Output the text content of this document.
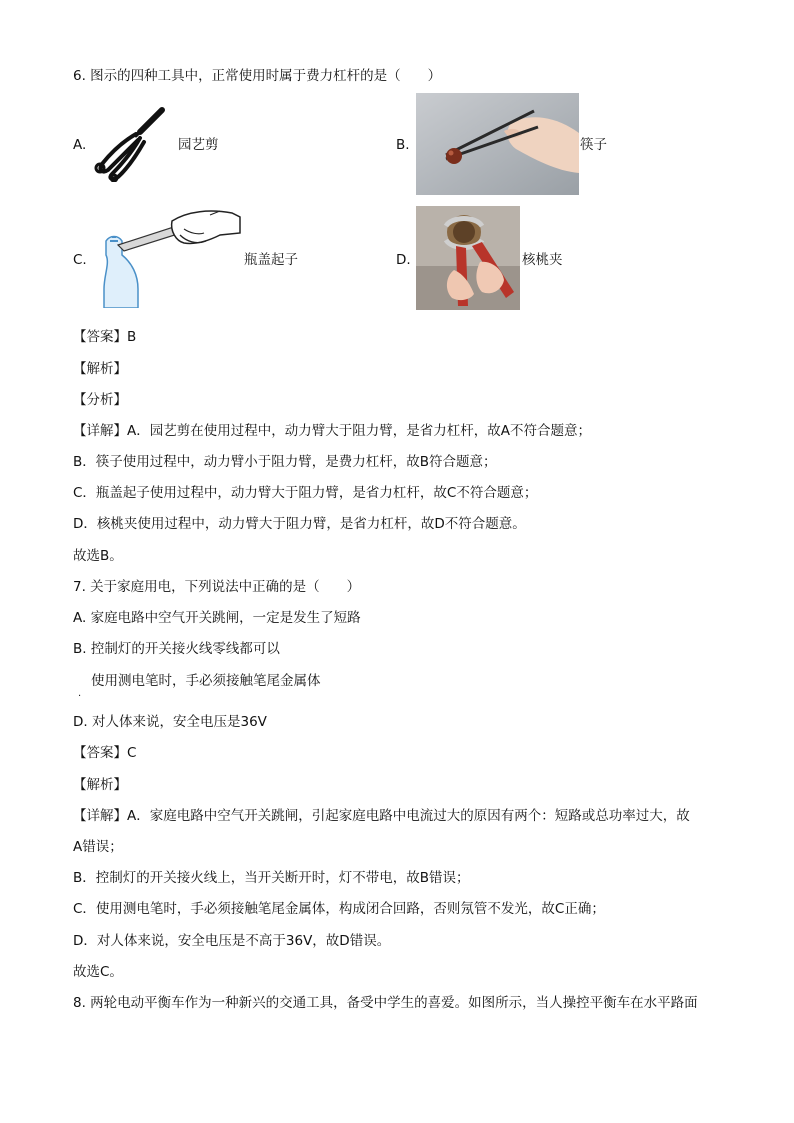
6. 图示的四种工具中，正常使用时属于费力杠杆的是（　　）
A.	园艺剪	B.	筷子
C.	瓶盖起子	D.	核桃夹
【答案】B
【解析】
【分析】
【详解】A．园艺剪在使用过程中，动力臂大于阻力臂，是省力杠杆，故A不符合题意；
B．筷子使用过程中，动力臂小于阻力臂，是费力杠杆，故B符合题意；
C．瓶盖起子使用过程中，动力臂大于阻力臂，是省力杠杆，故C不符合题意；
D．核桃夹使用过程中，动力臂大于阻力臂，是省力杠杆，故D不符合题意。
故选B。
7. 关于家庭用电，下列说法中正确的是（　　）
A. 家庭电路中空气开关跳闸，一定是发生了短路
B. 控制灯的开关接火线零线都可以
使用测电笔时，手必须接触笔尾金属体
·
D. 对人体来说，安全电压是36V
【答案】C
【解析】
【详解】A．家庭电路中空气开关跳闸，引起家庭电路中电流过大的原因有两个：短路或总功率过大，故
A错误；
B．控制灯的开关接火线上，当开关断开时，灯不带电，故B错误；
C．使用测电笔时，手必须接触笔尾金属体，构成闭合回路，否则氖管不发光，故C正确；
D．对人体来说，安全电压是不高于36V，故D错误。
故选C。
8. 两轮电动平衡车作为一种新兴的交通工具，备受中学生的喜爱。如图所示，当人操控平衡车在水平路面
